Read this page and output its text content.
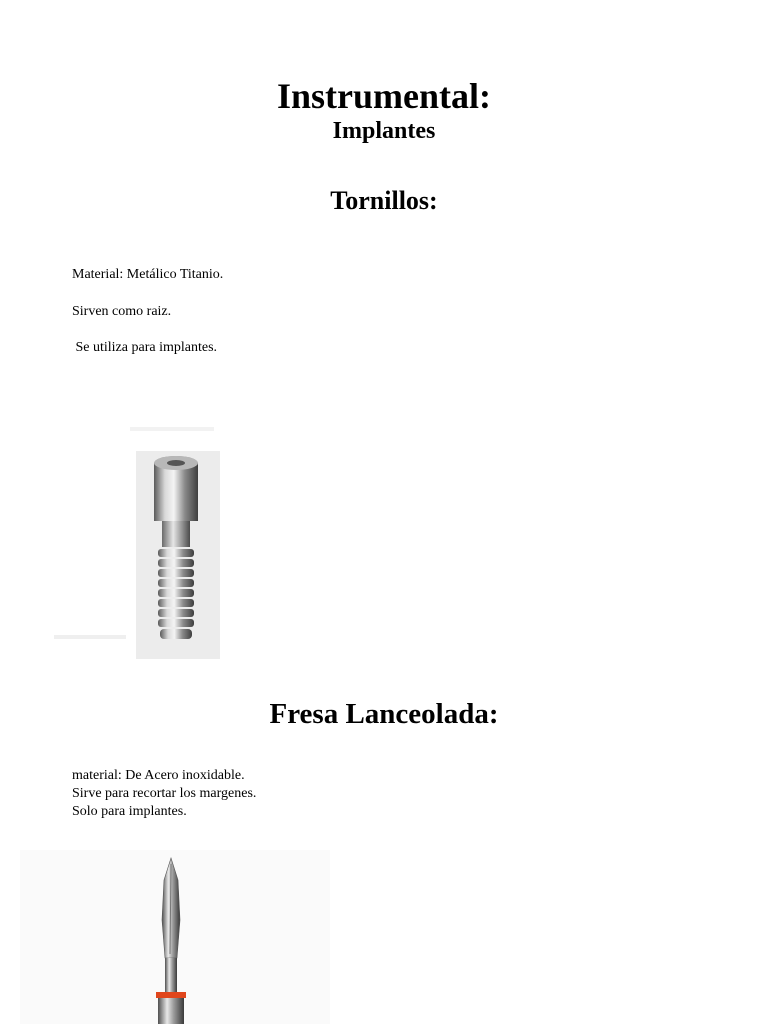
Instrumental:
Implantes
Tornillos:
Material: Metálico Titanio.
Sirven como raiz.
Se utiliza para implantes.
Fresa Lanceolada:
material: De Acero inoxidable.
Sirve para recortar los margenes.
Solo para implantes.
